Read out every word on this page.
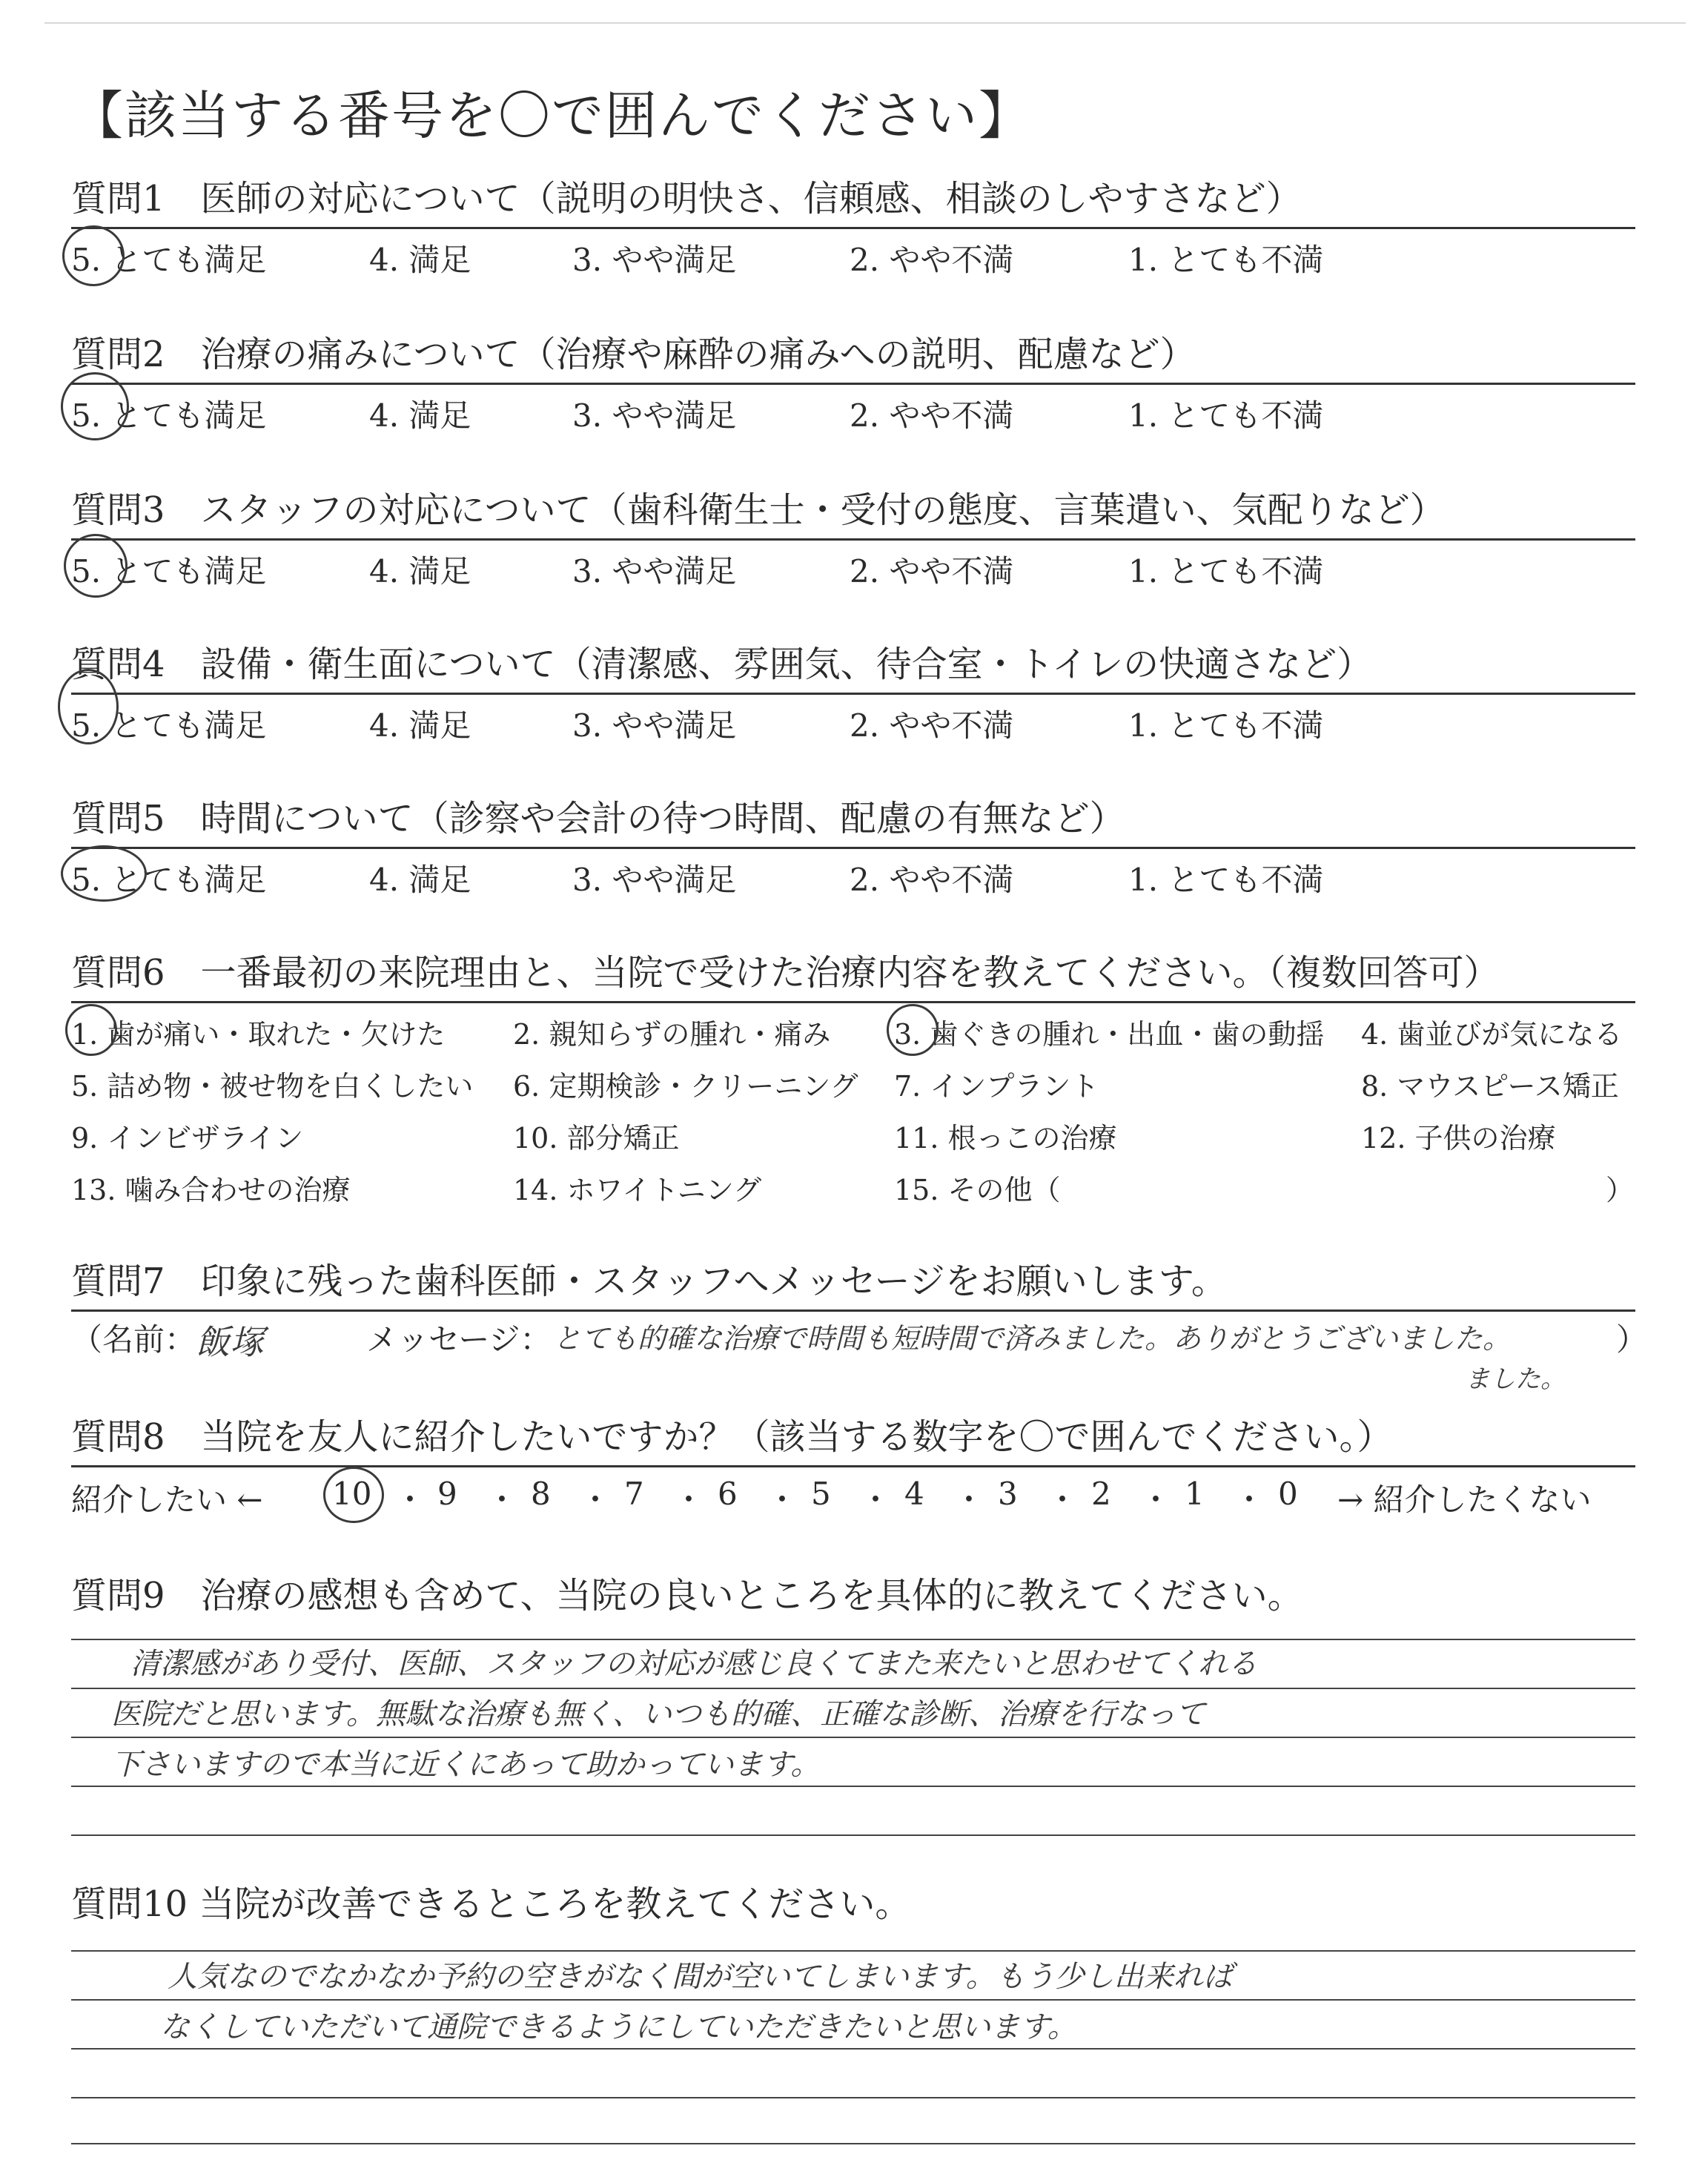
【該当する番号を〇で囲んでください】
質問1　医師の対応について（説明の明快さ、信頼感、相談のしやすさなど）
5. とても満足	4. 満足	3. やや満足	2. やや不満	1. とても不満
質問2　治療の痛みについて（治療や麻酔の痛みへの説明、配慮など）
5. とても満足	4. 満足	3. やや満足	2. やや不満	1. とても不満
質問3　スタッフの対応について（歯科衛生士・受付の態度、言葉遣い、気配りなど）
5. とても満足	4. 満足	3. やや満足	2. やや不満	1. とても不満
質問4　設備・衛生面について（清潔感、雰囲気、待合室・トイレの快適さなど）
5. とても満足	4. 満足	3. やや満足	2. やや不満	1. とても不満
質問5　時間について（診察や会計の待つ時間、配慮の有無など）
5. とても満足	4. 満足	3. やや満足	2. やや不満	1. とても不満
質問6　一番最初の来院理由と、当院で受けた治療内容を教えてください。（複数回答可）
1. 歯が痛い・取れた・欠けた 2. 親知らずの腫れ・痛み 3. 歯ぐきの腫れ・出血・歯の動揺 4. 歯並びが気になる
5. 詰め物・被せ物を白くしたい 6. 定期検診・クリーニング 7. インプラント	8. マウスピース矯正
9. インビザライン	10. 部分矯正	11. 根っこの治療	12. 子供の治療
13. 噛み合わせの治療	14. ホワイトニング	15. その他（	）
質問7　印象に残った歯科医師・スタッフへメッセージをお願いします。
（名前： 飯塚	メッセージ： とても的確な治療で時間も短時間で済みました。ありがとうございました。	）
ました。
質問8　当院を友人に紹介したいですか？（該当する数字を〇で囲んでください。）
紹介したい ← 10 ・ 9 ・ 8 ・ 7 ・ 6 ・ 5 ・ 4 ・ 3 ・ 2 ・ 1 ・ 0 → 紹介したくない
質問9　治療の感想も含めて、当院の良いところを具体的に教えてください。
清潔感があり受付、医師、スタッフの対応が感じ良くてまた来たいと思わせてくれる
医院だと思います。無駄な治療も無く、いつも的確、正確な診断、治療を行なって
下さいますので本当に近くにあって助かっています。
質問10 当院が改善できるところを教えてください。
人気なのでなかなか予約の空きがなく間が空いてしまいます。もう少し出来れば
なくしていただいて通院できるようにしていただきたいと思います。
